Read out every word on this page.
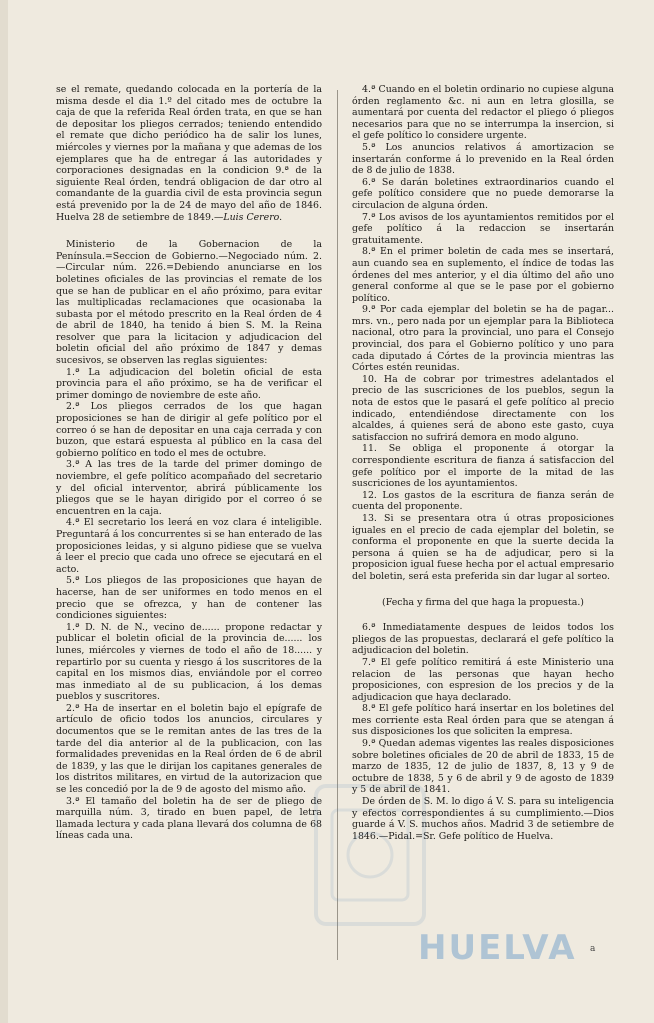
se el remate, quedando colocada en la portería de la misma desde el dia 1.º del citado mes de octubre la caja de que la referida Real órden trata, en que se han de depositar los pliegos cerrados; teniendo entendido el remate que dicho periódico ha de salir los lunes, miércoles y viernes por la mañana y que ademas de los ejemplares que ha de entregar á las autoridades y corporaciones designadas en la condicion 9.ª de la siguiente Real órden, tendrá obligacion de dar otro al comandante de la guardia civil de esta provincia segun está prevenido por la de 24 de mayo del año de 1846. Huelva 28 de setiembre de 1849.—Luis Cerero.

Ministerio de la Gobernacion de la Península.=Seccion de Gobierno.—Negociado núm. 2.—Circular núm. 226.=Debiendo anunciarse en los boletines oficiales de las provincias el remate de los que se han de publicar en el año próximo, para evitar las multiplicadas reclamaciones que ocasionaba la subasta por el método prescrito en la Real órden de 4 de abril de 1840, ha tenido á bien S. M. la Reina resolver que para la licitacion y adjudicacion del boletin oficial del año próximo de 1847 y demas sucesivos, se observen las reglas siguientes:

1.ª La adjudicacion del boletin oficial de esta provincia para el año próximo, se ha de verificar el primer domingo de noviembre de este año.

2.ª Los pliegos cerrados de los que hagan proposiciones se han de dirigir al gefe político por el correo ó se han de depositar en una caja cerrada y con buzon, que estará espuesta al público en la casa del gobierno político en todo el mes de octubre.

3.ª A las tres de la tarde del primer domingo de noviembre, el gefe político acompañado del secretario y del oficial interventor, abrirá públicamente los pliegos que se le hayan dirigido por el correo ó se encuentren en la caja.

4.ª El secretario los leerá en voz clara é inteligible. Preguntará á los concurrentes si se han enterado de las proposiciones leidas, y si alguno pidiese que se vuelva á leer el precio que cada uno ofrece se ejecutará en el acto.

5.ª Los pliegos de las proposiciones que hayan de hacerse, han de ser uniformes en todo menos en el precio que se ofrezca, y han de contener las condiciones siguientes:

1.ª D. N. de N., vecino de...... propone redactar y publicar el boletin oficial de la provincia de...... los lunes, miércoles y viernes de todo el año de 18...... y repartirlo por su cuenta y riesgo á los suscritores de la capital en los mismos dias, enviándole por el correo mas inmediato al de su publicacion, á los demas pueblos y suscritores.

2.ª Ha de insertar en el boletin bajo el epígrafe de artículo de oficio todos los anuncios, circulares y documentos que se le remitan antes de las tres de la tarde del dia anterior al de la publicacion, con las formalidades prevenidas en la Real órden de 6 de abril de 1839, y las que le dirijan los capitanes generales de los distritos militares, en virtud de la autorizacion que se les concedió por la de 9 de agosto del mismo año.

3.ª El tamaño del boletin ha de ser de pliego de marquilla núm. 3, tirado en buen papel, de letra llamada lectura y cada plana llevará dos columna de 68 líneas cada una.

4.ª Cuando en el boletin ordinario no cupiese alguna órden reglamento &c. ni aun en letra glosilla, se aumentará por cuenta del redactor el pliego ó pliegos necesarios para que no se interrumpa la insercion, si el gefe político lo considere urgente.

5.ª Los anuncios relativos á amortizacion se insertarán conforme á lo prevenido en la Real órden de 8 de julio de 1838.

6.ª Se darán boletines extraordinarios cuando el gefe político considere que no puede demorarse la circulacion de alguna órden.

7.ª Los avisos de los ayuntamientos remitidos por el gefe político á la redaccion se insertarán gratuitamente.

8.ª En el primer boletin de cada mes se insertará, aun cuando sea en suplemento, el índice de todas las órdenes del mes anterior, y el dia último del año uno general conforme al que se le pase por el gobierno político.

9.ª Por cada ejemplar del boletin se ha de pagar... mrs. vn., pero nada por un ejemplar para la Biblioteca nacional, otro para la provincial, uno para el Consejo provincial, dos para el Gobierno político y uno para cada diputado á Córtes de la provincia mientras las Córtes estén reunidas.

10. Ha de cobrar por trimestres adelantados el precio de las suscriciones de los pueblos, segun la nota de estos que le pasará el gefe político al precio indicado, entendiéndose directamente con los alcaldes, á quienes será de abono este gasto, cuya satisfaccion no sufrirá demora en modo alguno.

11. Se obliga el proponente á otorgar la correspondiente escritura de fianza á satisfaccion del gefe político por el importe de la mitad de las suscriciones de los ayuntamientos.

12. Los gastos de la escritura de fianza serán de cuenta del proponente.

13. Si se presentara otra ú otras proposiciones iguales en el precio de cada ejemplar del boletin, se conforma el proponente en que la suerte decida la persona á quien se ha de adjudicar, pero si la proposicion igual fuese hecha por el actual empresario del boletin, será esta preferida sin dar lugar al sorteo.

(Fecha y firma del que haga la propuesta.)

6.ª Inmediatamente despues de leidos todos los pliegos de las propuestas, declarará el gefe político la adjudicacion del boletin.

7.ª El gefe político remitirá á este Ministerio una relacion de las personas que hayan hecho proposiciones, con espresion de los precios y de la adjudicacion que haya declarado.

8.ª El gefe político hará insertar en los boletines del mes corriente esta Real órden para que se atengan á sus disposiciones los que soliciten la empresa.

9.ª Quedan ademas vigentes las reales disposiciones sobre boletines oficiales de 20 de abril de 1833, 15 de marzo de 1835, 12 de julio de 1837, 8, 13 y 9 de octubre de 1838, 5 y 6 de abril y 9 de agosto de 1839 y 5 de abril de 1841.

De órden de S. M. lo digo á V. S. para su inteligencia y efectos correspondientes á su cumplimiento.—Dios guarde á V. S. muchos años. Madrid 3 de setiembre de 1846.—Pidal.=Sr. Gefe político de Huelva.

HUELVA a
